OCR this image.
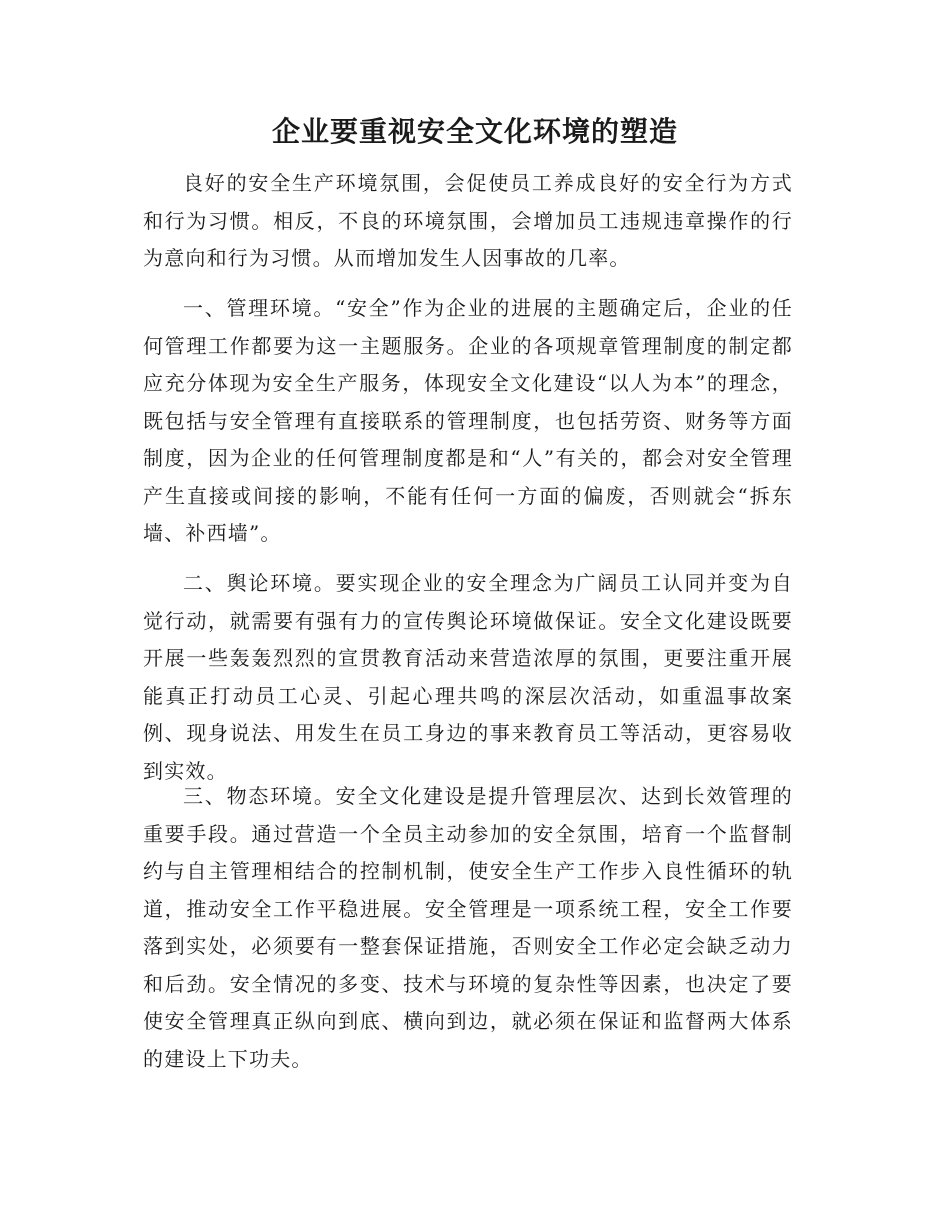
企业要重视安全文化环境的塑造

良好的安全生产环境氛围，会促使员工养成良好的安全行为方式和行为习惯。相反，不良的环境氛围，会增加员工违规违章操作的行为意向和行为习惯。从而增加发生人因事故的几率。

一、管理环境。“安全”作为企业的进展的主题确定后，企业的任何管理工作都要为这一主题服务。企业的各项规章管理制度的制定都应充分体现为安全生产服务，体现安全文化建设“以人为本”的理念，既包括与安全管理有直接联系的管理制度，也包括劳资、财务等方面制度，因为企业的任何管理制度都是和“人”有关的，都会对安全管理产生直接或间接的影响，不能有任何一方面的偏废，否则就会“拆东墙、补西墙”。

二、舆论环境。要实现企业的安全理念为广阔员工认同并变为自觉行动，就需要有强有力的宣传舆论环境做保证。安全文化建设既要开展一些轰轰烈烈的宣贯教育活动来营造浓厚的氛围，更要注重开展能真正打动员工心灵、引起心理共鸣的深层次活动，如重温事故案例、现身说法、用发生在员工身边的事来教育员工等活动，更容易收到实效。

三、物态环境。安全文化建设是提升管理层次、达到长效管理的重要手段。通过营造一个全员主动参加的安全氛围，培育一个监督制约与自主管理相结合的控制机制，使安全生产工作步入良性循环的轨道，推动安全工作平稳进展。安全管理是一项系统工程，安全工作要落到实处，必须要有一整套保证措施，否则安全工作必定会缺乏动力和后劲。安全情况的多变、技术与环境的复杂性等因素，也决定了要使安全管理真正纵向到底、横向到边，就必须在保证和监督两大体系的建设上下功夫。
